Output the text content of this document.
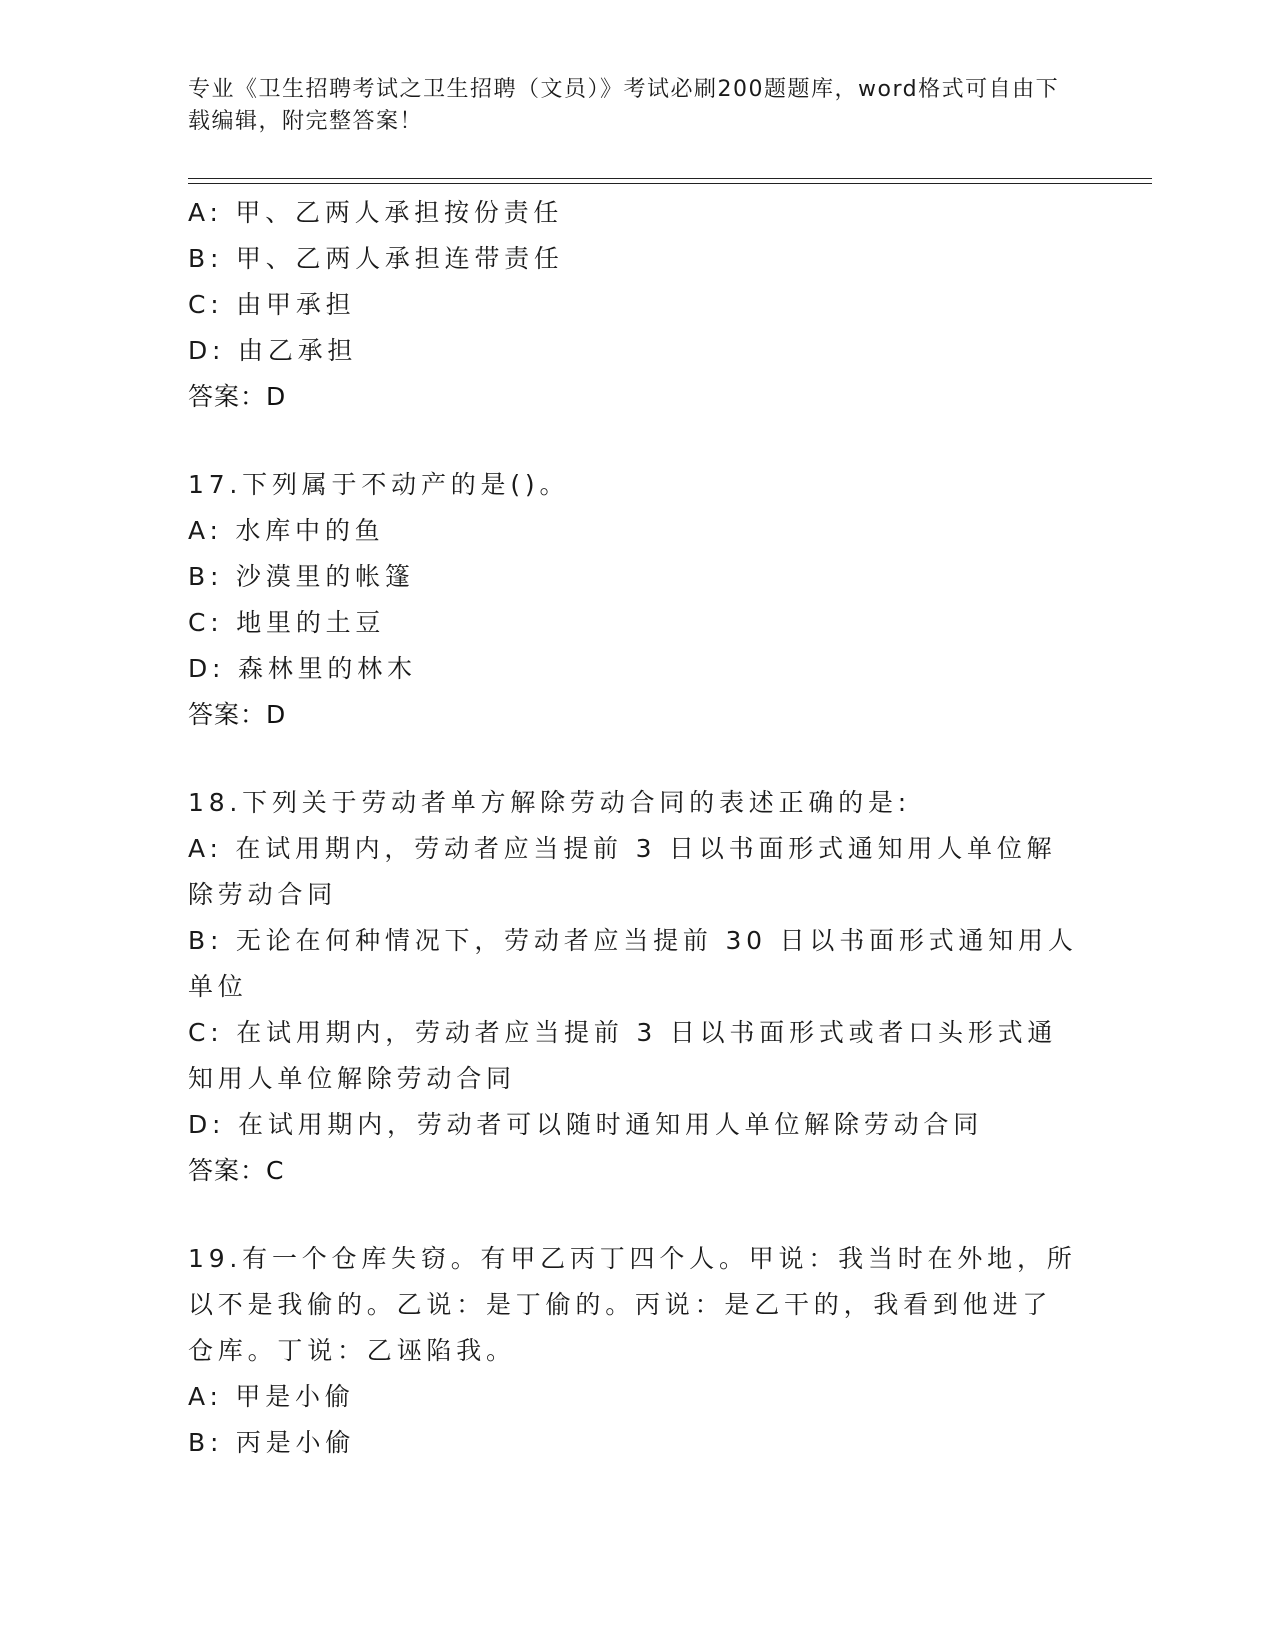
专业《卫生招聘考试之卫生招聘（文员）》考试必刷200题题库，word格式可自由下载编辑，附完整答案！
A: 甲、乙两人承担按份责任
B: 甲、乙两人承担连带责任
C: 由甲承担
D: 由乙承担
答案：D
17.下列属于不动产的是()。
A: 水库中的鱼
B: 沙漠里的帐篷
C: 地里的土豆
D: 森林里的林木
答案：D
18.下列关于劳动者单方解除劳动合同的表述正确的是:
A: 在试用期内，劳动者应当提前 3 日以书面形式通知用人单位解除劳动合同
B: 无论在何种情况下，劳动者应当提前 30 日以书面形式通知用人单位
C: 在试用期内，劳动者应当提前 3 日以书面形式或者口头形式通知用人单位解除劳动合同
D: 在试用期内，劳动者可以随时通知用人单位解除劳动合同
答案：C
19.有一个仓库失窃。有甲乙丙丁四个人。甲说：我当时在外地，所以不是我偷的。乙说：是丁偷的。丙说：是乙干的，我看到他进了仓库。丁说：乙诬陷我。
A: 甲是小偷
B: 丙是小偷
